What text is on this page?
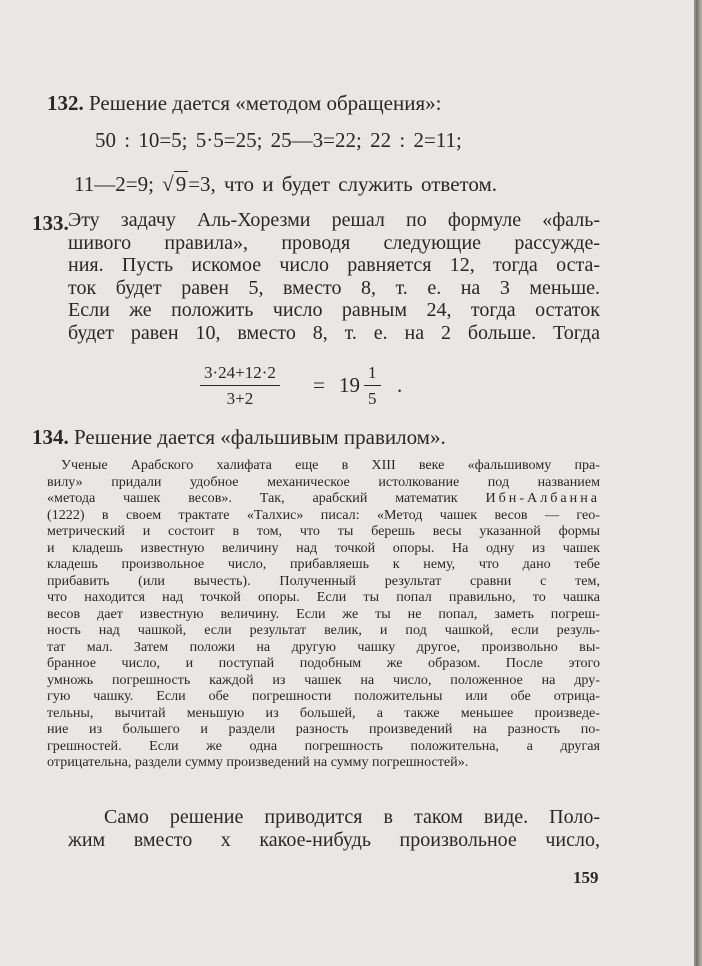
132. Решение дается «методом обращения»:
50 : 10=5; 5·5=25; 25—3=22; 22 : 2=11;
11—2=9; √9=3, что и будет служить ответом.
133. Эту задачу Аль-Хорезми решал по формуле «фаль-
шивого правила», проводя следующие рассужде-
ния. Пусть искомое число равняется 12, тогда оста-
ток будет равен 5, вместо 8, т. е. на 3 меньше.
Если же положить число равным 24, тогда остаток
будет равен 10, вместо 8, т. е. на 2 больше. Тогда
$\frac{3\cdot 24+12\cdot 2}{3+2} = 19 \frac{1}{5}$ .
134. Решение дается «фальшивым правилом».
Ученые Арабского халифата еще в XIII веке «фальшивому пра-
вилу» придали удобное механическое истолкование под названием
«метода чашек весов». Так, арабский математик Ибн-Албанна
(1222) в своем трактате «Талхис» писал: «Метод чашек весов — гео-
метрический и состоит в том, что ты берешь весы указанной формы
и кладешь известную величину над точкой опоры. На одну из чашек
кладешь произвольное число, прибавляешь к нему, что дано тебе
прибавить (или вычесть). Полученный результат сравни с тем,
что находится над точкой опоры. Если ты попал правильно, то чашка
весов дает известную величину. Если же ты не попал, заметь погреш-
ность над чашкой, если результат велик, и под чашкой, если резуль-
тат мал. Затем положи на другую чашку другое, произвольно вы-
бранное число, и поступай подобным же образом. После этого
умножь погрешность каждой из чашек на число, положенное на дру-
гую чашку. Если обе погрешности положительны или обе отрица-
тельны, вычитай меньшую из большей, а также меньшее произведе-
ние из большего и раздели разность произведений на разность по-
грешностей. Если же одна погрешность положительна, а другая
отрицательна, раздели сумму произведений на сумму погрешностей».
Само решение приводится в таком виде. Поло-
жим вместо x какое-нибудь произвольное число,
159
